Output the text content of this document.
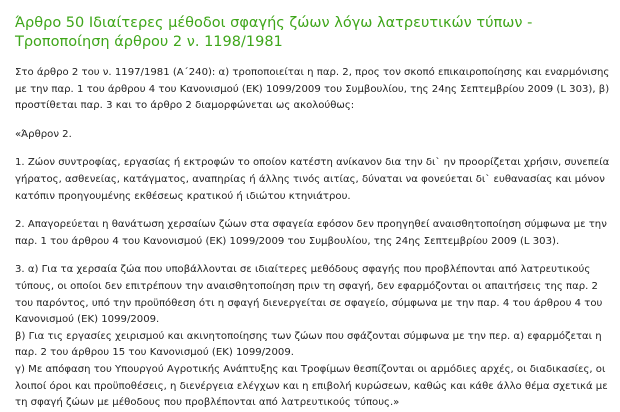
Άρθρο 50 Ιδιαίτερες μέθοδοι σφαγής ζώων λόγω λατρευτικών τύπων - Τροποποίηση άρθρου 2 ν. 1198/1981

Στο άρθρο 2 του ν. 1197/1981 (Α΄240): α) τροποποιείται η παρ. 2, προς τον σκοπό επικαιροποίησης και εναρμόνισης με την παρ. 1 του άρθρου 4 του Κανονισμού (ΕΚ) 1099/2009 του Συμβουλίου, της 24ης Σεπτεμβρίου 2009 (L 303), β) προστίθεται παρ. 3 και το άρθρο 2 διαμορφώνεται ως ακολούθως:

«Άρθρον 2.

1. Ζώον συντροφίας, εργασίας ή εκτροφών το οποίον κατέστη ανίκανον δια την δι` ην προορίζεται χρήσιν, συνεπεία γήρατος, ασθενείας, κατάγματος, αναπηρίας ή άλλης τινός αιτίας, δύναται να φονεύεται δι` ευθανασίας και μόνον κατόπιν προηγουμένης εκθέσεως κρατικού ή ιδιώτου κτηνιάτρου.

2. Απαγορεύεται η θανάτωση χερσαίων ζώων στα σφαγεία εφόσον δεν προηγηθεί αναισθητοποίηση σύμφωνα με την παρ. 1 του άρθρου 4 του Κανονισμού (ΕΚ) 1099/2009 του Συμβουλίου, της 24ης Σεπτεμβρίου 2009 (L 303).

3. α) Για τα χερσαία ζώα που υποβάλλονται σε ιδιαίτερες μεθόδους σφαγής που προβλέπονται από λατρευτικούς τύπους, οι οποίοι δεν επιτρέπουν την αναισθητοποίηση πριν τη σφαγή, δεν εφαρμόζονται οι απαιτήσεις της παρ. 2 του παρόντος, υπό την προϋπόθεση ότι η σφαγή διενεργείται σε σφαγείο, σύμφωνα με την παρ. 4 του άρθρου 4 του Κανονισμού (ΕΚ) 1099/2009.

β) Για τις εργασίες χειρισμού και ακινητοποίησης των ζώων που σφάζονται σύμφωνα με την περ. α) εφαρμόζεται η παρ. 2 του άρθρου 15 του Κανονισμού (ΕΚ) 1099/2009.

γ) Με απόφαση του Υπουργού Αγροτικής Ανάπτυξης και Τροφίμων θεσπίζονται οι αρμόδιες αρχές, οι διαδικασίες, οι λοιποί όροι και προϋποθέσεις, η διενέργεια ελέγχων και η επιβολή κυρώσεων, καθώς και κάθε άλλο θέμα σχετικά με τη σφαγή ζώων με μέθοδους που προβλέπονται από λατρευτικούς τύπους.»
